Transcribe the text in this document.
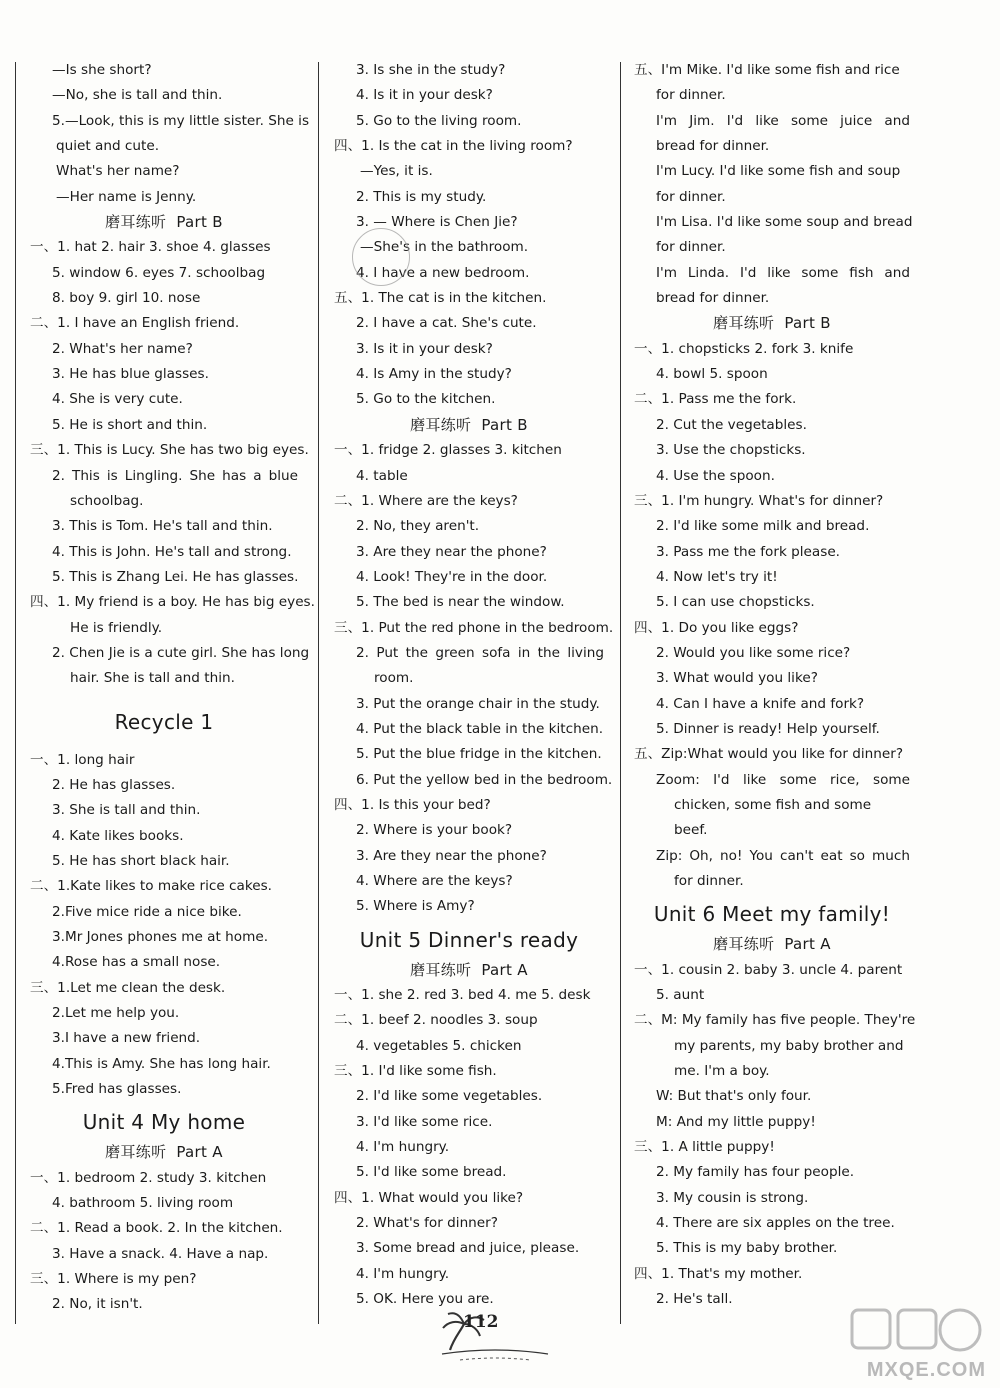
—Is she short?
—No, she is tall and thin.
5.—Look, this is my little sister. She is
quiet and cute.
What's her name?
—Her name is Jenny.
磨耳练听 Part B
一、1. hat 2. hair 3. shoe 4. glasses
5. window 6. eyes 7. schoolbag
8. boy 9. girl 10. nose
二、1. I have an English friend.
2. What's her name?
3. He has blue glasses.
4. She is very cute.
5. He is short and thin.
三、1. This is Lucy. She has two big eyes.
2. This is Lingling. She has a blue
schoolbag.
3. This is Tom. He's tall and thin.
4. This is John. He's tall and strong.
5. This is Zhang Lei. He has glasses.
四、1. My friend is a boy. He has big eyes.
He is friendly.
2. Chen Jie is a cute girl. She has long
hair. She is tall and thin.
Recycle 1
一、1. long hair
2. He has glasses.
3. She is tall and thin.
4. Kate likes books.
5. He has short black hair.
二、1.Kate likes to make rice cakes.
2.Five mice ride a nice bike.
3.Mr Jones phones me at home.
4.Rose has a small nose.
三、1.Let me clean the desk.
2.Let me help you.
3.I have a new friend.
4.This is Amy. She has long hair.
5.Fred has glasses.
Unit 4 My home
磨耳练听 Part A
一、1. bedroom 2. study 3. kitchen
4. bathroom 5. living room
二、1. Read a book. 2. In the kitchen.
3. Have a snack. 4. Have a nap.
三、1. Where is my pen?
2. No, it isn't.
3. Is she in the study?
4. Is it in your desk?
5. Go to the living room.
四、1. Is the cat in the living room?
—Yes, it is.
2. This is my study.
3. — Where is Chen Jie?
—She's in the bathroom.
4. I have a new bedroom.
五、1. The cat is in the kitchen.
2. I have a cat. She's cute.
3. Is it in your desk?
4. Is Amy in the study?
5. Go to the kitchen.
磨耳练听 Part B
一、1. fridge 2. glasses 3. kitchen
4. table
二、1. Where are the keys?
2. No, they aren't.
3. Are they near the phone?
4. Look! They're in the door.
5. The bed is near the window.
三、1. Put the red phone in the bedroom.
2. Put the green sofa in the living
room.
3. Put the orange chair in the study.
4. Put the black table in the kitchen.
5. Put the blue fridge in the kitchen.
6. Put the yellow bed in the bedroom.
四、1. Is this your bed?
2. Where is your book?
3. Are they near the phone?
4. Where are the keys?
5. Where is Amy?
Unit 5 Dinner's ready
磨耳练听 Part A
一、1. she 2. red 3. bed 4. me 5. desk
二、1. beef 2. noodles 3. soup
4. vegetables 5. chicken
三、1. I'd like some fish.
2. I'd like some vegetables.
3. I'd like some rice.
4. I'm hungry.
5. I'd like some bread.
四、1. What would you like?
2. What's for dinner?
3. Some bread and juice, please.
4. I'm hungry.
5. OK. Here you are.
五、I'm Mike. I'd like some fish and rice
for dinner.
I'm Jim. I'd like some juice and
bread for dinner.
I'm Lucy. I'd like some fish and soup
for dinner.
I'm Lisa. I'd like some soup and bread
for dinner.
I'm Linda. I'd like some fish and
bread for dinner.
磨耳练听 Part B
一、1. chopsticks 2. fork 3. knife
4. bowl 5. spoon
二、1. Pass me the fork.
2. Cut the vegetables.
3. Use the chopsticks.
4. Use the spoon.
三、1. I'm hungry. What's for dinner?
2. I'd like some milk and bread.
3. Pass me the fork please.
4. Now let's try it!
5. I can use chopsticks.
四、1. Do you like eggs?
2. Would you like some rice?
3. What would you like?
4. Can I have a knife and fork?
5. Dinner is ready! Help yourself.
五、Zip:What would you like for dinner?
Zoom: I'd like some rice, some
chicken, some fish and some
beef.
Zip: Oh, no! You can't eat so much
for dinner.
Unit 6 Meet my family!
磨耳练听 Part A
一、1. cousin 2. baby 3. uncle 4. parent
5. aunt
二、M: My family has five people. They're
my parents, my baby brother and
me. I'm a boy.
W: But that's only four.
M: And my little puppy!
三、1. A little puppy!
2. My family has four people.
3. My cousin is strong.
4. There are six apples on the tree.
5. This is my baby brother.
四、1. That's my mother.
2. He's tall.
112
MXQE.COM
